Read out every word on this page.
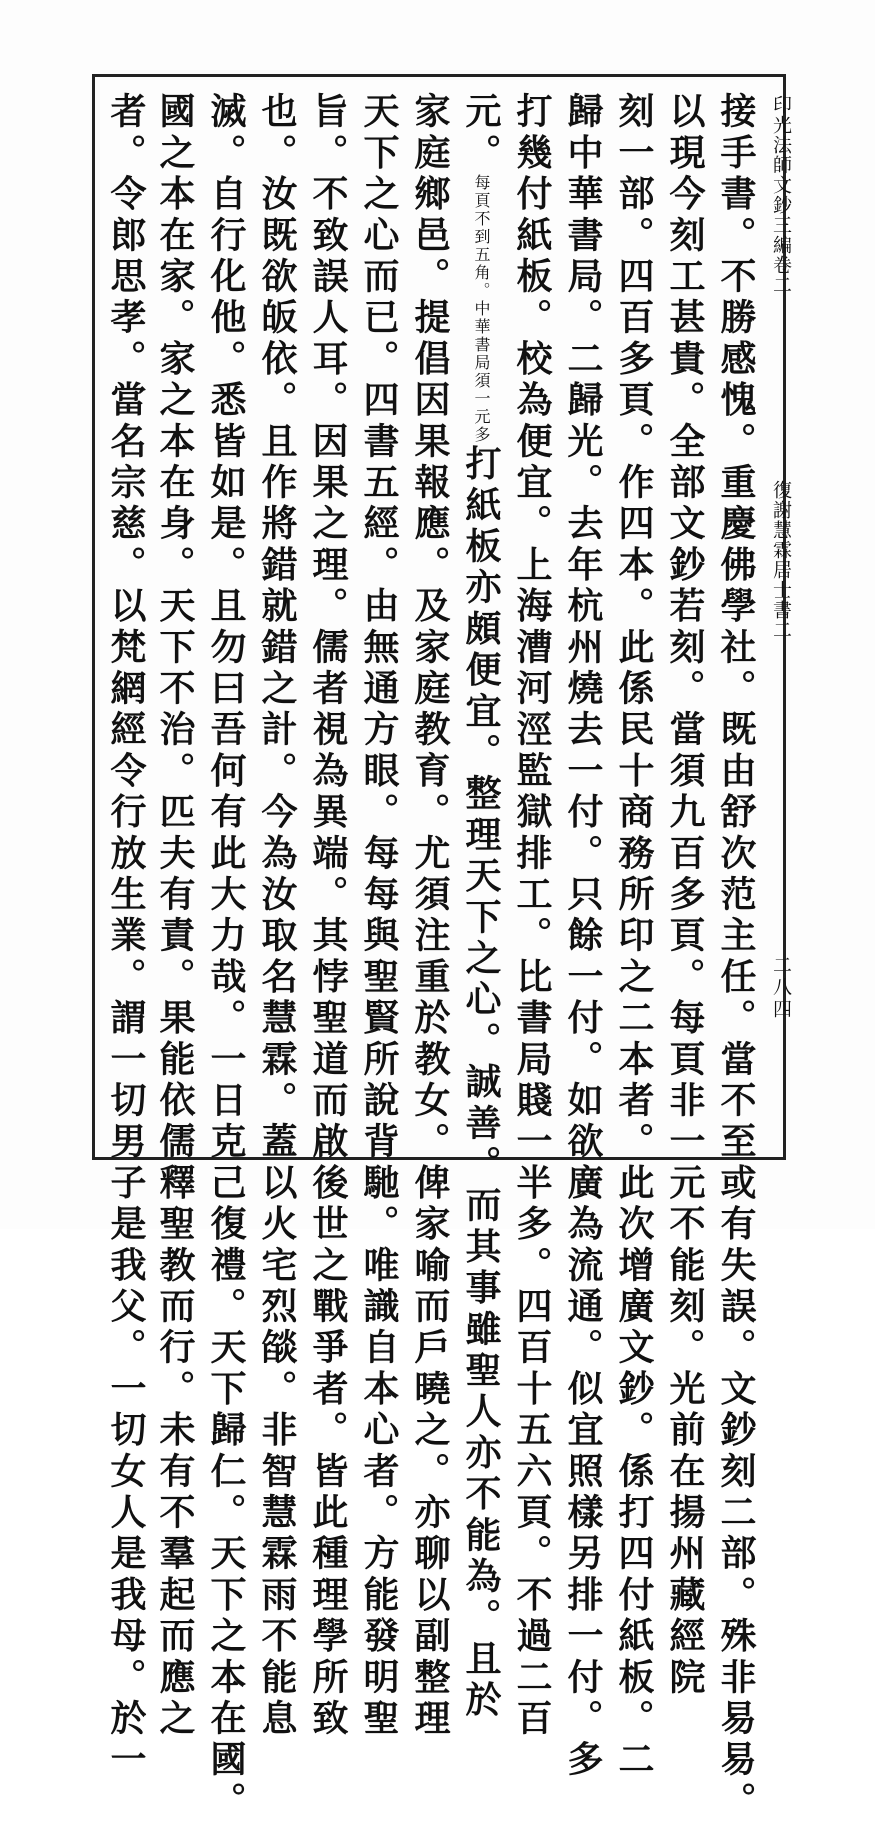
印光法師文鈔三編卷二
復謝慧霖居士書二
二八四
接手書。不勝感愧。重慶佛學社。既由舒次范主任。當不至或有失誤。文鈔刻二部。殊非易易。
以現今刻工甚貴。全部文鈔若刻。當須九百多頁。每頁非一元不能刻。光前在揚州藏經院
刻一部。四百多頁。作四本。此係民十商務所印之二本者。此次增廣文鈔。係打四付紙板。二
歸中華書局。二歸光。去年杭州燒去一付。只餘一付。如欲廣為流通。似宜照樣另排一付。多
打幾付紙板。校為便宜。上海漕河涇監獄排工。比書局賤一半多。四百十五六頁。不過二百
元。每頁不到五角。中華書局須一元多打紙板亦頗便宜。整理天下之心。誠善。而其事雖聖人亦不能為。且於
家庭鄉邑。提倡因果報應。及家庭教育。尤須注重於教女。俾家喻而戶曉之。亦聊以副整理
天下之心而已。四書五經。由無通方眼。每每與聖賢所說背馳。唯識自本心者。方能發明聖
旨。不致誤人耳。因果之理。儒者視為異端。其悖聖道而啟後世之戰爭者。皆此種理學所致
也。汝既欲皈依。且作將錯就錯之計。今為汝取名慧霖。蓋以火宅烈燄。非智慧霖雨不能息
滅。自行化他。悉皆如是。且勿曰吾何有此大力哉。一日克己復禮。天下歸仁。天下之本在國。
國之本在家。家之本在身。天下不治。匹夫有責。果能依儒釋聖教而行。未有不羣起而應之
者。令郎思孝。當名宗慈。以梵網經令行放生業。謂一切男子是我父。一切女人是我母。於一
